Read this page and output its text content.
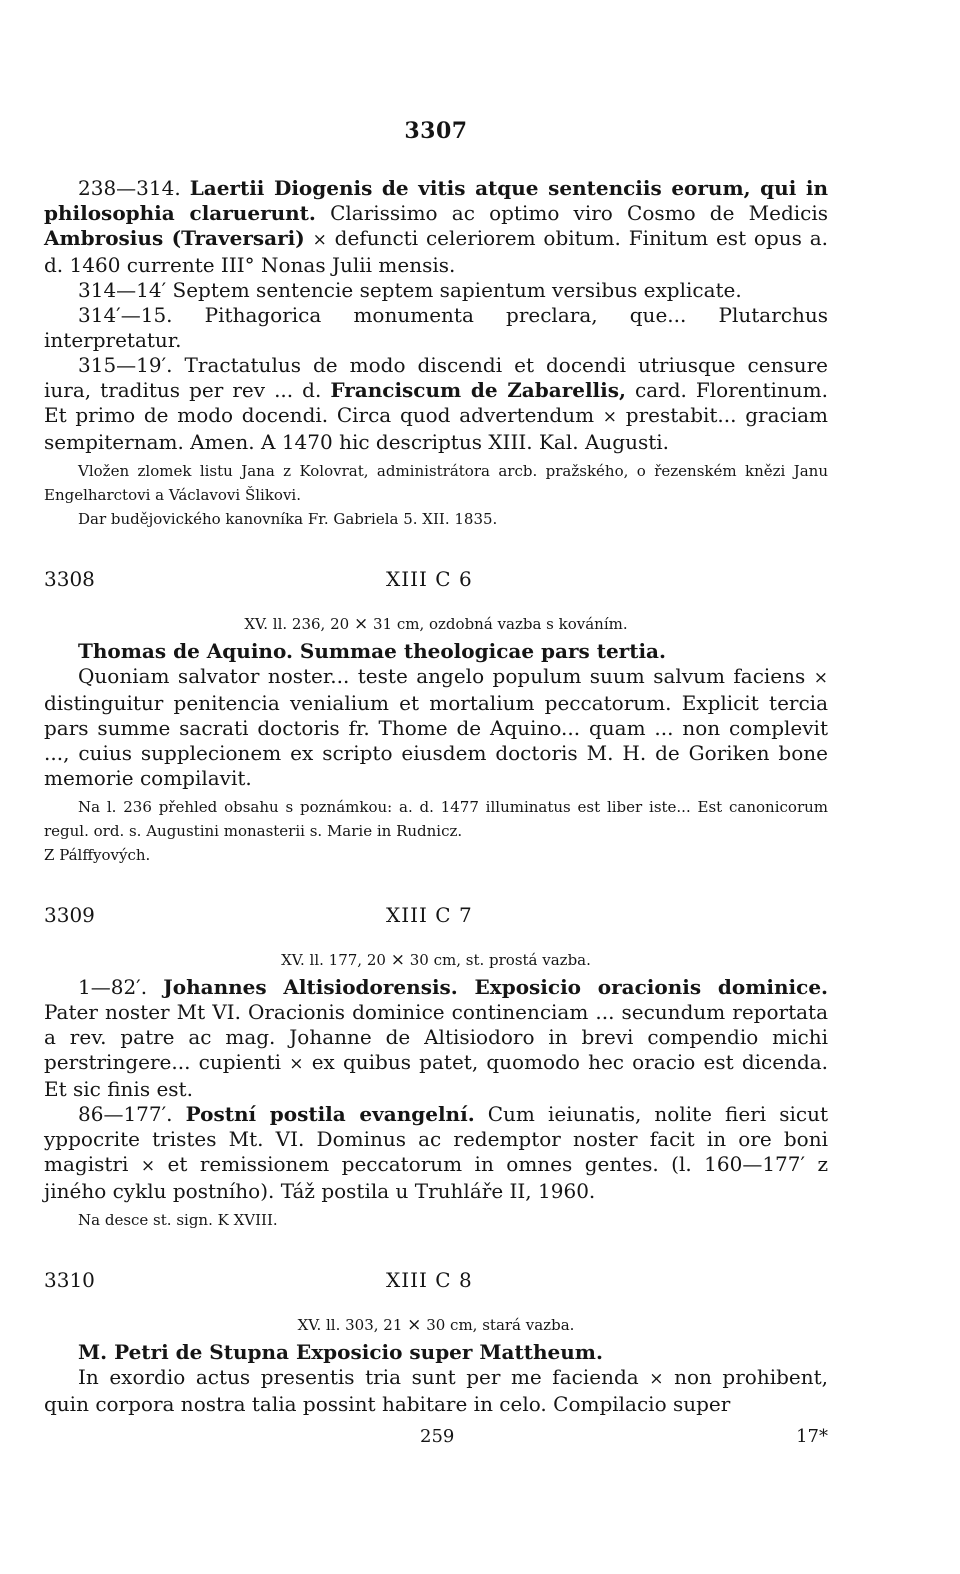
3307

238—314. Laertii Diogenis de vitis atque sentenciis eorum, qui in philosophia claruerunt. Clarissimo ac optimo viro Cosmo de Medicis Ambrosius (Traversari) × defuncti celeriorem obitum. Finitum est opus a. d. 1460 currente III° Nonas Julii mensis.

314—14′ Septem sentencie septem sapientum versibus explicate.

314′—15. Pithagorica monumenta preclara, que... Plutarchus interpretatur.

315—19′. Tractatulus de modo discendi et docendi utriusque censure iura, traditus per rev ... d. Franciscum de Zabarellis, card. Florentinum. Et primo de modo docendi. Circa quod advertendum × prestabit... graciam sempiternam. Amen. A 1470 hic descriptus XIII. Kal. Augusti.

Vložen zlomek listu Jana z Kolovrat, administrátora arcb. pražského, o řezenském knězi Janu Engelharctovi a Václavovi Šlikovi.

Dar budějovického kanovníka Fr. Gabriela 5. XII. 1835.

3308	XIII C 6

XV. ll. 236, 20 × 31 cm, ozdobná vazba s kováním.

Thomas de Aquino. Summae theologicae pars tertia.

Quoniam salvator noster... teste angelo populum suum salvum faciens × distinguitur penitencia venialium et mortalium peccatorum. Explicit tercia pars summe sacrati doctoris fr. Thome de Aquino... quam ... non complevit ..., cuius supplecionem ex scripto eiusdem doctoris M. H. de Goriken bone memorie compilavit.

Na l. 236 přehled obsahu s poznámkou: a. d. 1477 illuminatus est liber iste... Est canonicorum regul. ord. s. Augustini monasterii s. Marie in Rudnicz.

Z Pálffyových.

3309	XIII C 7

XV. ll. 177, 20 × 30 cm, st. prostá vazba.

1—82′. Johannes Altisiodorensis. Exposicio oracionis dominice. Pater noster Mt VI. Oracionis dominice continenciam ... secundum reportata a rev. patre ac mag. Johanne de Altisiodoro in brevi compendio michi perstringere... cupienti × ex quibus patet, quomodo hec oracio est dicenda. Et sic finis est.

86—177′. Postní postila evangelní. Cum ieiunatis, nolite fieri sicut yppocrite tristes Mt. VI. Dominus ac redemptor noster facit in ore boni magistri × et remissionem peccatorum in omnes gentes. (l. 160—177′ z jiného cyklu postního). Táž postila u Truhláře II, 1960.

Na desce st. sign. K XVIII.

3310	XIII C 8

XV. ll. 303, 21 × 30 cm, stará vazba.

M. Petri de Stupna Exposicio super Mattheum.

In exordio actus presentis tria sunt per me facienda × non prohibent, quin corpora nostra talia possint habitare in celo. Compilacio super

259	17*
